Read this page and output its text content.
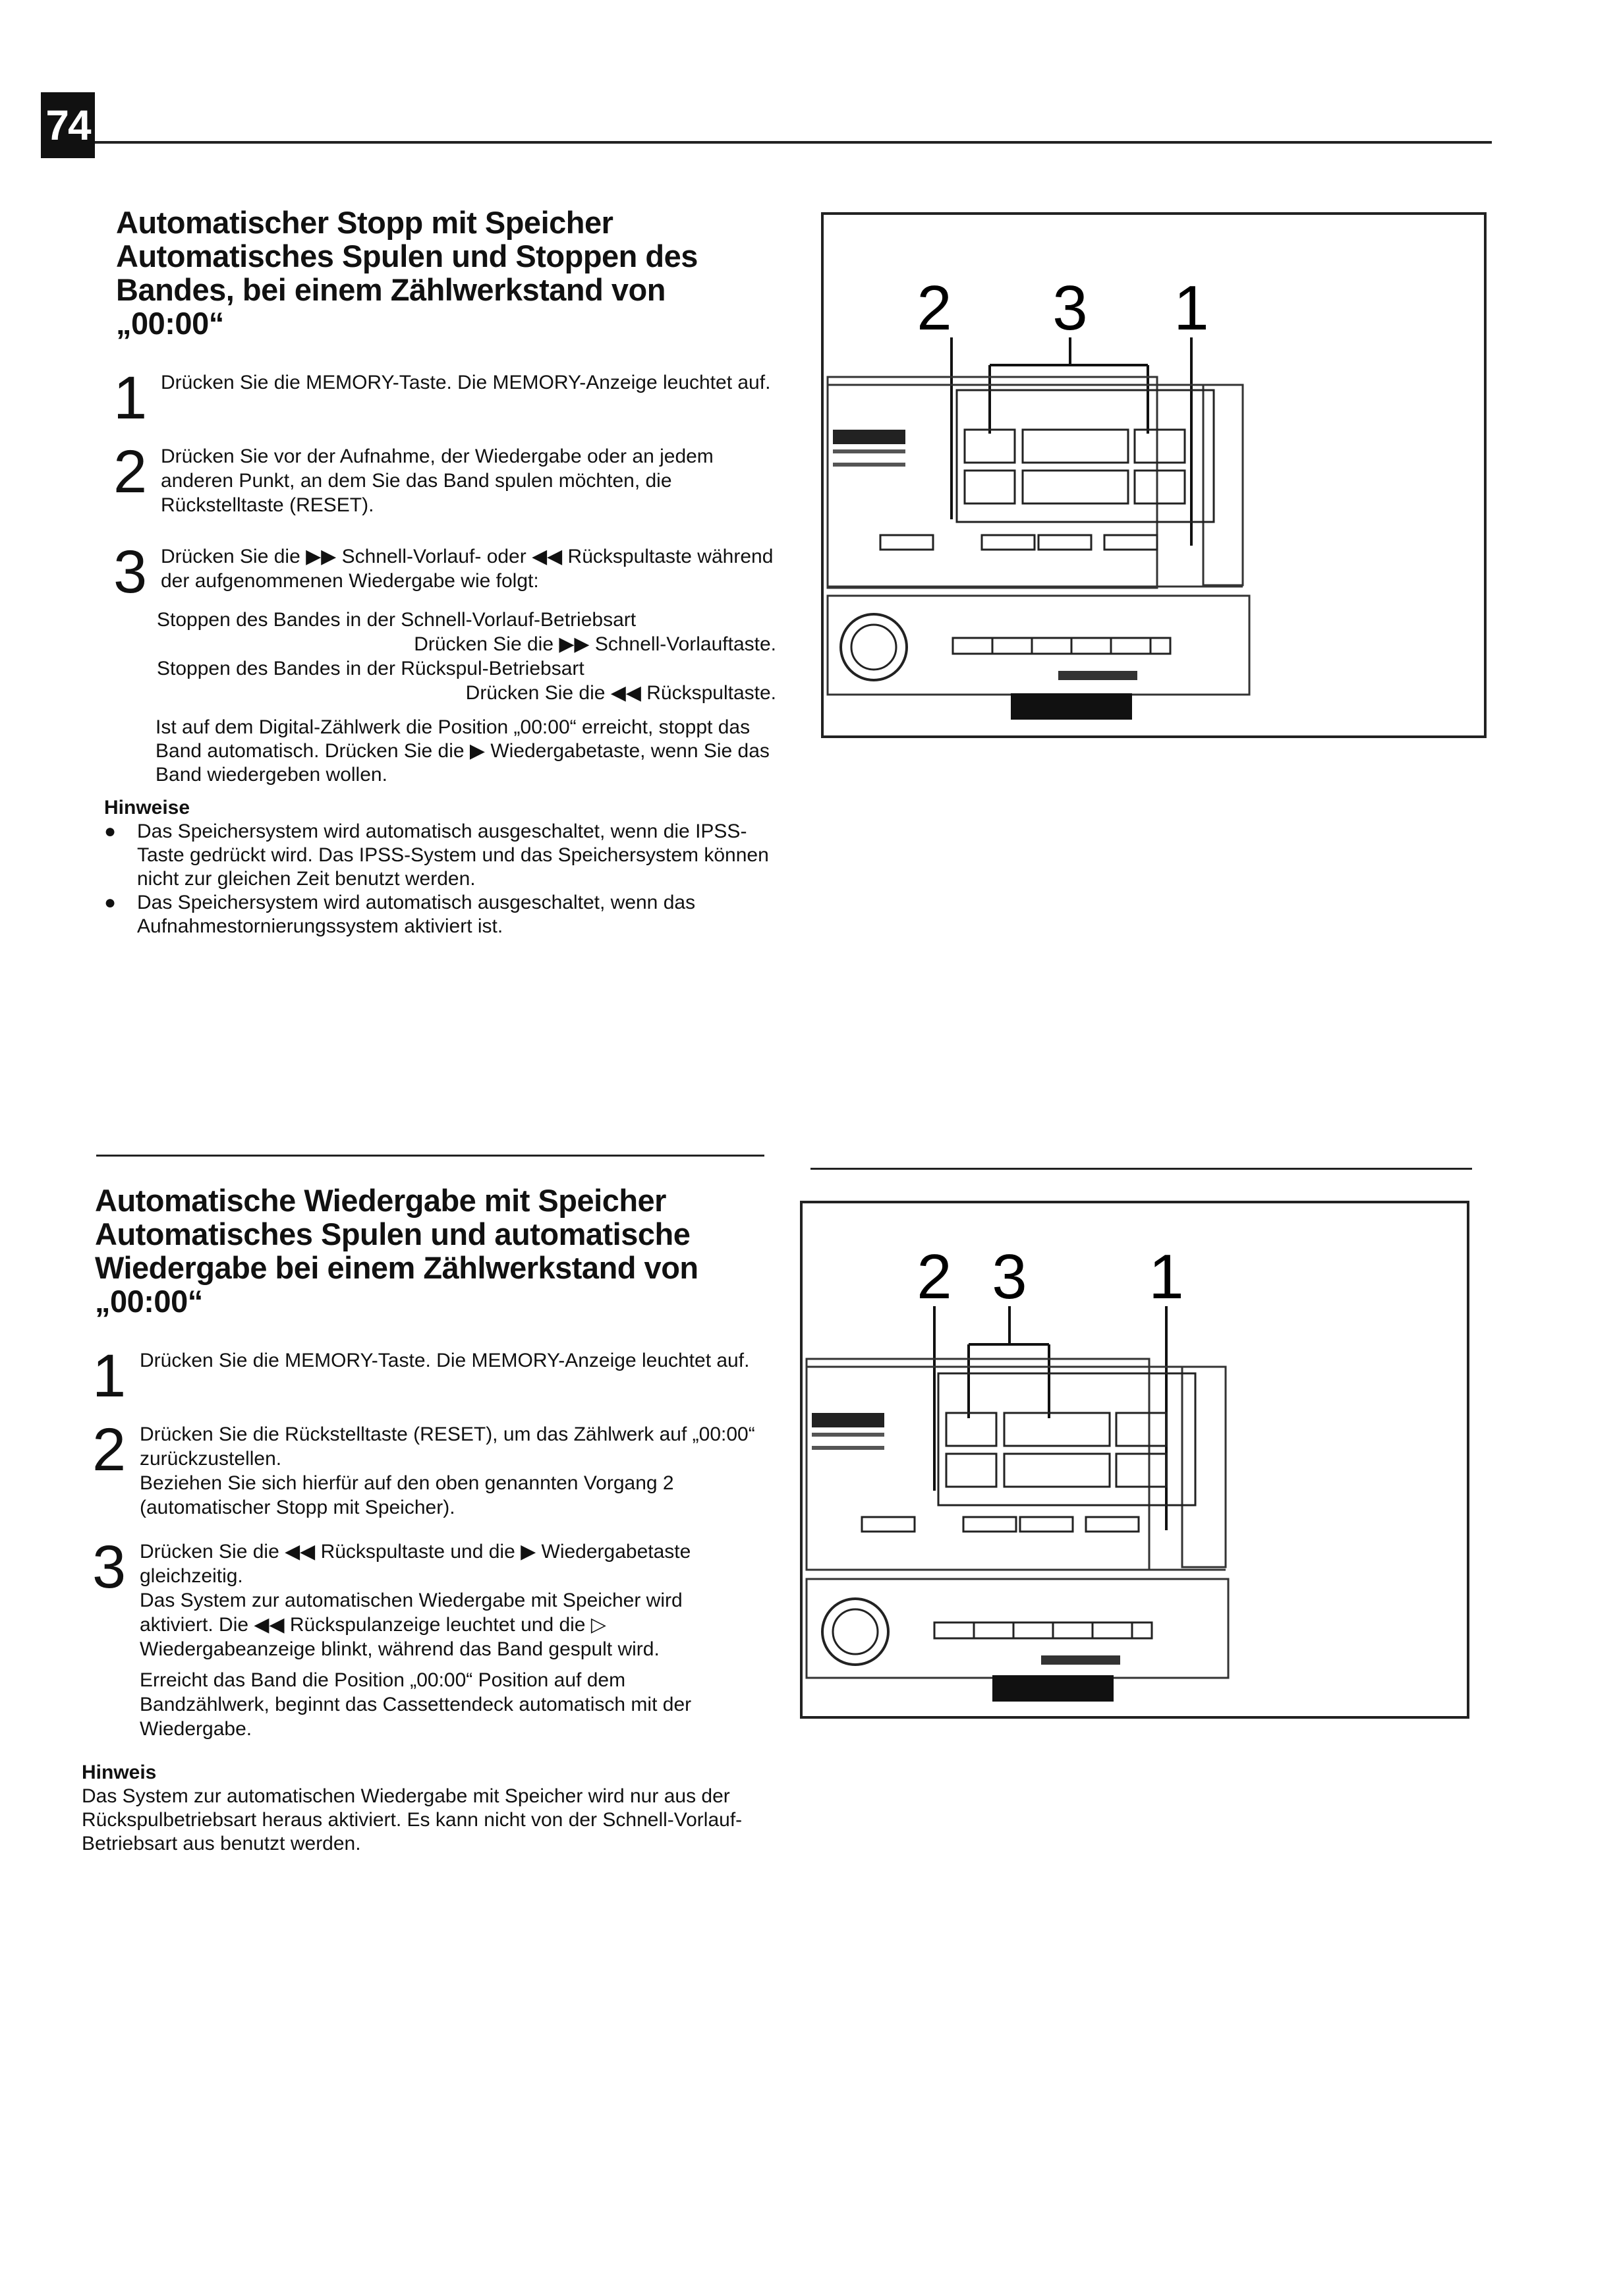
74
Automatischer Stopp mit Speicher
Automatisches Spulen und Stoppen des
Bandes, bei einem Zählwerkstand von
„00:00“
1 Drücken Sie die MEMORY-Taste. Die MEMORY-Anzeige leuchtet auf.
2 Drücken Sie vor der Aufnahme, der Wiedergabe oder an jedem anderen Punkt, an dem Sie das Band spulen möchten, die Rückstelltaste (RESET).
3 Drücken Sie die ▶▶ Schnell-Vorlauf- oder ◀◀ Rückspultaste während der aufgenommenen Wiedergabe wie folgt:
Stoppen des Bandes in der Schnell-Vorlauf-Betriebsart
Drücken Sie die ▶▶ Schnell-Vorlauftaste.
Stoppen des Bandes in der Rückspul-Betriebsart
Drücken Sie die ◀◀ Rückspultaste.
Ist auf dem Digital-Zählwerk die Position „00:00“ erreicht, stoppt das Band automatisch. Drücken Sie die ▶ Wiedergabetaste, wenn Sie das Band wiedergeben wollen.
Hinweise
●	Das Speichersystem wird automatisch ausgeschaltet, wenn die IPSS-Taste gedrückt wird. Das IPSS-System und das Speichersystem können nicht zur gleichen Zeit benutzt werden.
●	Das Speichersystem wird automatisch ausgeschaltet, wenn das Aufnahmestornierungssystem aktiviert ist.
2 3 1
Automatische Wiedergabe mit Speicher
Automatisches Spulen und automatische
Wiedergabe bei einem Zählwerkstand von
„00:00“
1 Drücken Sie die MEMORY-Taste. Die MEMORY-Anzeige leuchtet auf.
2 Drücken Sie die Rückstelltaste (RESET), um das Zählwerk auf „00:00“ zurückzustellen.
Beziehen Sie sich hierfür auf den oben genannten Vorgang 2 (automatischer Stopp mit Speicher).
3 Drücken Sie die ◀◀ Rückspultaste und die ▶ Wiedergabetaste gleichzeitig.
Das System zur automatischen Wiedergabe mit Speicher wird aktiviert. Die ◀◀ Rückspulanzeige leuchtet und die ▷ Wiedergabeanzeige blinkt, während das Band gespult wird.
Erreicht das Band die Position „00:00“ Position auf dem Bandzählwerk, beginnt das Cassettendeck automatisch mit der Wiedergabe.
Hinweis
Das System zur automatischen Wiedergabe mit Speicher wird nur aus der Rückspulbetriebsart heraus aktiviert. Es kann nicht von der Schnell-Vorlauf-Betriebsart aus benutzt werden.
2 3 1
